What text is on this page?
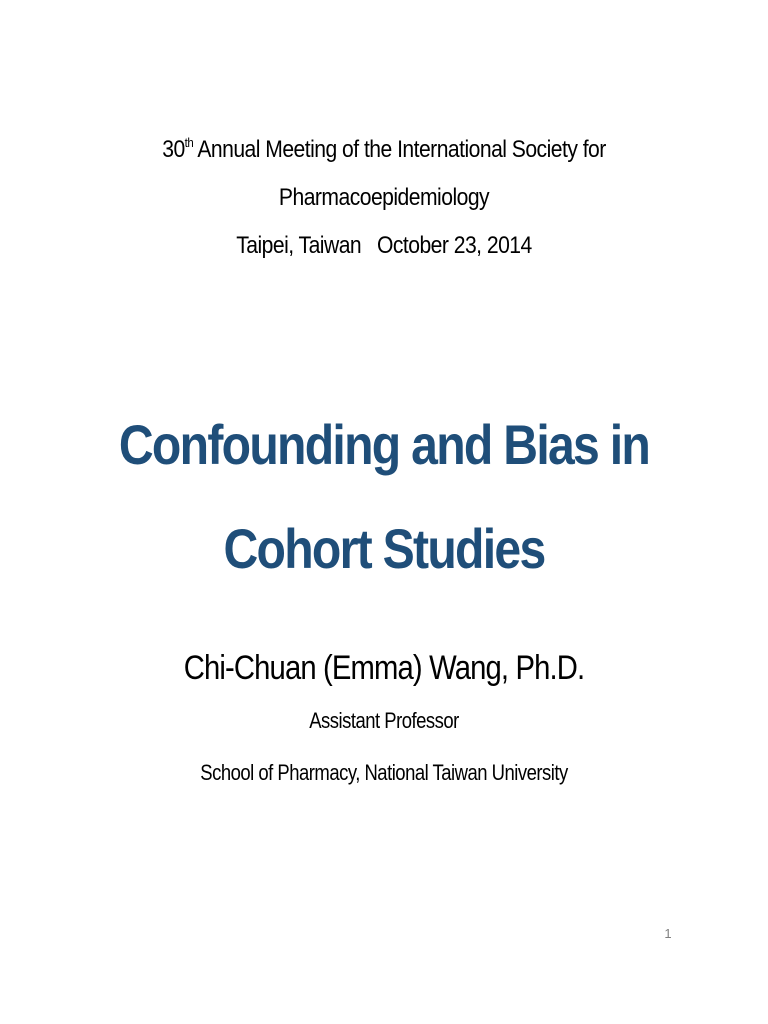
30th Annual Meeting of the International Society for
Pharmacoepidemiology
Taipei, Taiwan October 23, 2014
Confounding and Bias in
Cohort Studies
Chi-Chuan (Emma) Wang, Ph.D.
Assistant Professor
School of Pharmacy, National Taiwan University
1
